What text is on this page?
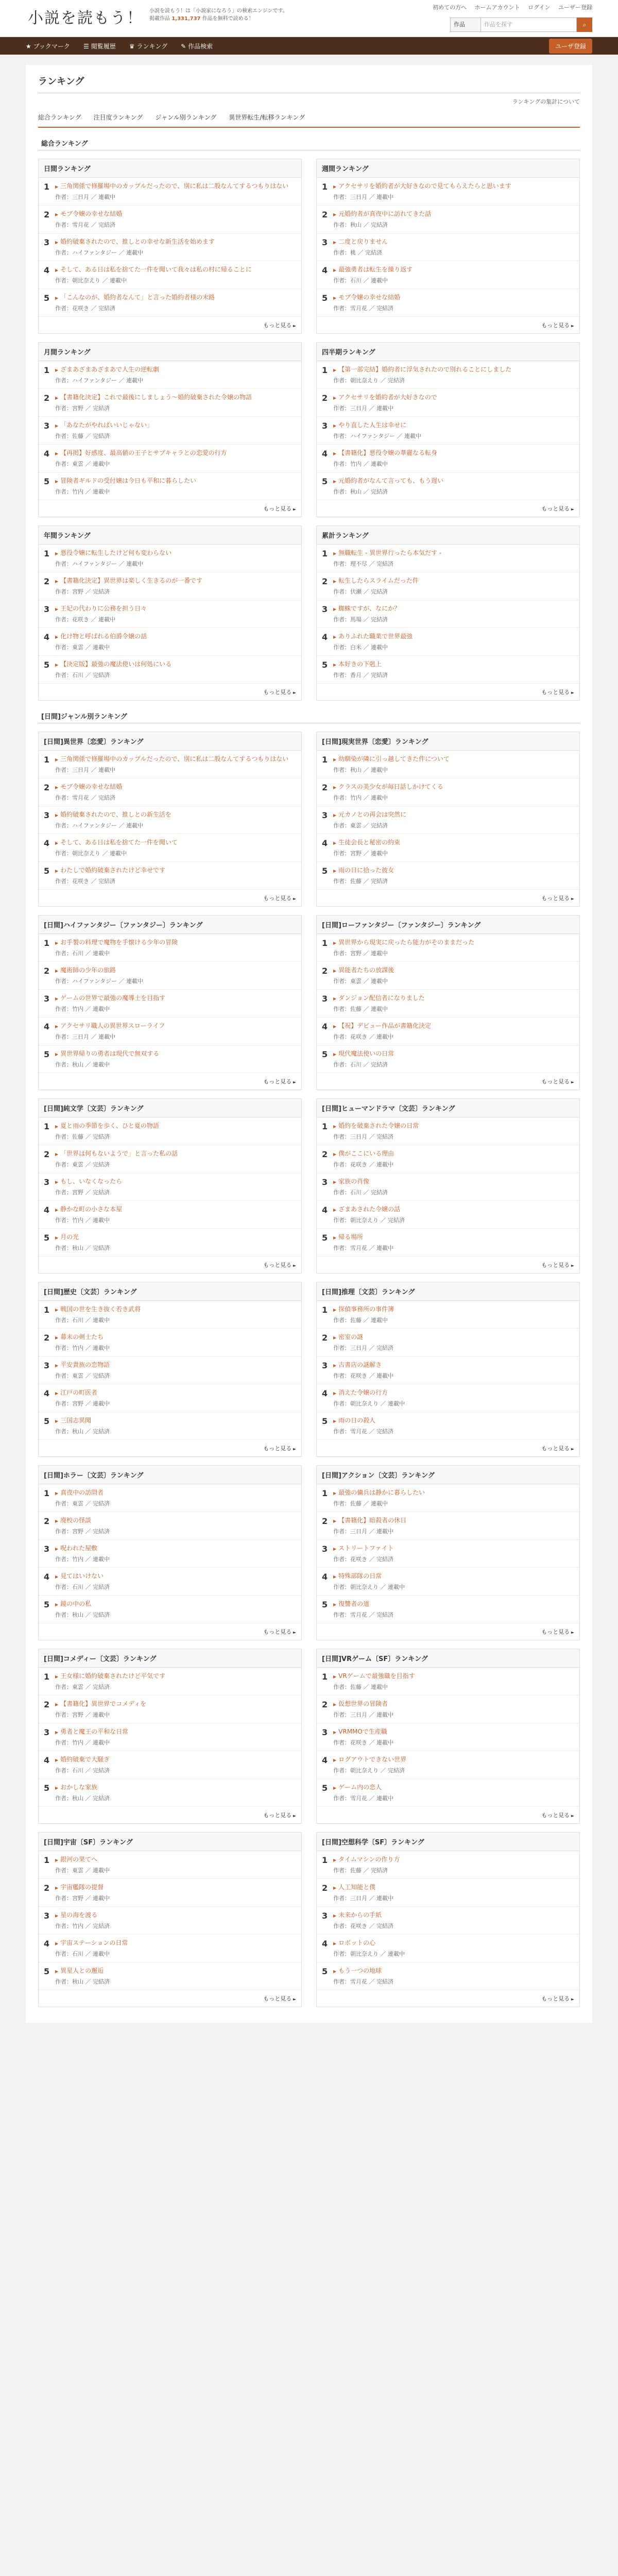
小説を読もう！ 小説を読もう！は「小説家になろう」の検索エンジンです。
掲載作品 1,331,737 作品を無料で読める！
初めての方へ ホームアカウント ログイン ユーザー登録
作品	作品を探す	⌕
★ ブックマーク ☰ 閲覧履歴 ♛ ランキング ✎ 作品検索	ユーザ登録
ランキング
ランキングの集計について
総合ランキング 注目度ランキング ジャンル別ランキング 異世界転生/転移ランキング
総合ランキング
日間ランキング
1	▶ 三角関係で修羅場中のカップルだったので、別に私は二股なんてするつもりはない
作者：三日月 ／ 連載中
2	▶ モブ令嬢の幸せな結婚
作者：雪月花 ／ 完結済
3	▶ 婚約破棄されたので、推しとの幸せな新生活を始めます
作者：ハイファンタジー ／ 連載中
4	▶ そして、ある日は私を捨てた一件を聞いて我々は私の村に帰ることに
作者：朝比奈えり ／ 連載中
5	▶ 「こんなのが、婚約者なんて」と言った婚約者様の末路
作者：花咲き ／ 完結済
もっと見る ►
週間ランキング
1	▶ アクセサリを婚約者が大好きなので見てもらえたらと思います
作者：三日月 ／ 連載中
2	▶ 元婚約者が真夜中に訪れてきた話
作者：秋山 ／ 完結済
3	▶ 二度と戻りません
作者：桃 ／ 完結済
4	▶ 最強勇者は転生を繰り返す
作者：石川 ／ 連載中
5	▶ モブ令嬢の幸せな結婚
作者：雪月花 ／ 完結済
もっと見る ►
月間ランキング
1	▶ ざまあざまあざまあで人生の逆転劇
作者：ハイファンタジー ／ 連載中
2	▶ 【書籍化決定】これで最後にしましょう～婚約破棄された令嬢の物語
作者：宮野 ／ 完結済
3	▶ 「あなたがやればいいじゃない」
作者：佐藤 ／ 完結済
4	▶ 【再掲】好感度、最高値の王子とサブキャラとの恋愛の行方
作者：東雲 ／ 連載中
5	▶ 冒険者ギルドの受付嬢は今日も平和に暮らしたい
作者：竹内 ／ 連載中
もっと見る ►
四半期ランキング
1	▶ 【第一部完結】婚約者に浮気されたので別れることにしました
作者：朝比奈えり ／ 完結済
2	▶ アクセサリを婚約者が大好きなので
作者：三日月 ／ 連載中
3	▶ やり直した人生は幸せに
作者：ハイファンタジー ／ 連載中
4	▶ 【書籍化】悪役令嬢の華麗なる転身
作者：竹内 ／ 連載中
5	▶ 元婚約者がなんて言っても、もう遅い
作者：秋山 ／ 完結済
もっと見る ►
年間ランキング
1	▶ 悪役令嬢に転生したけど何も変わらない
作者：ハイファンタジー ／ 連載中
2	▶ 【書籍化決定】異世界は楽しく生きるのが一番です
作者：宮野 ／ 完結済
3	▶ 王妃の代わりに公務を担う日々
作者：花咲き ／ 連載中
4	▶ 化け物と呼ばれる伯爵令嬢の話
作者：東雲 ／ 連載中
5	▶ 【決定版】最強の魔法使いは何処にいる
作者：石川 ／ 完結済
もっと見る ►
累計ランキング
1	▶ 無職転生 - 異世界行ったら本気だす -
作者：理不尽 ／ 完結済
2	▶ 転生したらスライムだった件
作者：伏瀬 ／ 完結済
3	▶ 蜘蛛ですが、なにか？
作者：馬場 ／ 完結済
4	▶ ありふれた職業で世界最強
作者：白米 ／ 連載中
5	▶ 本好きの下剋上
作者：香月 ／ 完結済
もっと見る ►
[日間]ジャンル別ランキング
[日間]異世界〔恋愛〕ランキング
1	▶ 三角関係で修羅場中のカップルだったので、別に私は二股なんてするつもりはない
作者：三日月 ／ 連載中
2	▶ モブ令嬢の幸せな結婚
作者：雪月花 ／ 完結済
3	▶ 婚約破棄されたので、推しとの新生活を
作者：ハイファンタジー ／ 連載中
4	▶ そして、ある日は私を捨てた一件を聞いて
作者：朝比奈えり ／ 連載中
5	▶ わたしで婚約破棄されたけど幸せです
作者：花咲き ／ 完結済
もっと見る ►
[日間]現実世界〔恋愛〕ランキング
1	▶ 幼馴染が隣に引っ越してきた件について
作者：秋山 ／ 連載中
2	▶ クラスの美少女が毎日話しかけてくる
作者：竹内 ／ 連載中
3	▶ 元カノとの再会は突然に
作者：東雲 ／ 完結済
4	▶ 生徒会長と秘密の約束
作者：宮野 ／ 連載中
5	▶ 雨の日に拾った彼女
作者：佐藤 ／ 完結済
もっと見る ►
[日間]ハイファンタジー〔ファンタジー〕ランキング
1	▶ お手製の料理で魔物を手懐ける少年の冒険
作者：石川 ／ 連載中
2	▶ 魔術師の少年の旅路
作者：ハイファンタジー ／ 連載中
3	▶ ゲームの世界で最強の魔導士を目指す
作者：竹内 ／ 連載中
4	▶ アクセサリ職人の異世界スローライフ
作者：三日月 ／ 連載中
5	▶ 異世界帰りの勇者は現代で無双する
作者：秋山 ／ 連載中
もっと見る ►
[日間]ローファンタジー〔ファンタジー〕ランキング
1	▶ 異世界から現実に戻ったら能力がそのままだった
作者：宮野 ／ 連載中
2	▶ 異能者たちの放課後
作者：東雲 ／ 連載中
3	▶ ダンジョン配信者になりました
作者：佐藤 ／ 連載中
4	▶ 【祝】デビュー作品が書籍化決定
作者：花咲き ／ 連載中
5	▶ 現代魔法使いの日常
作者：石川 ／ 完結済
もっと見る ►
[日間]純文学〔文芸〕ランキング
1	▶ 夏と雨の季節を歩く、ひと夏の物語
作者：佐藤 ／ 完結済
2	▶ 「世界は何もないようで」と言った私の話
作者：東雲 ／ 完結済
3	▶ もし、いなくなったら
作者：宮野 ／ 完結済
4	▶ 静かな町の小さな本屋
作者：竹内 ／ 連載中
5	▶ 月の光
作者：秋山 ／ 完結済
もっと見る ►
[日間]ヒューマンドラマ〔文芸〕ランキング
1	▶ 婚約を破棄された令嬢の日常
作者：三日月 ／ 完結済
2	▶ 僕がここにいる理由
作者：花咲き ／ 連載中
3	▶ 家族の肖像
作者：石川 ／ 完結済
4	▶ ざまあされた令嬢の話
作者：朝比奈えり ／ 完結済
5	▶ 帰る場所
作者：雪月花 ／ 連載中
もっと見る ►
[日間]歴史〔文芸〕ランキング
1	▶ 戦国の世を生き抜く若き武将
作者：石川 ／ 連載中
2	▶ 幕末の剣士たち
作者：竹内 ／ 連載中
3	▶ 平安貴族の恋物語
作者：東雲 ／ 完結済
4	▶ 江戸の町医者
作者：宮野 ／ 連載中
5	▶ 三国志異聞
作者：秋山 ／ 完結済
もっと見る ►
[日間]推理〔文芸〕ランキング
1	▶ 探偵事務所の事件簿
作者：佐藤 ／ 連載中
2	▶ 密室の謎
作者：三日月 ／ 完結済
3	▶ 古書店の謎解き
作者：花咲き ／ 連載中
4	▶ 消えた令嬢の行方
作者：朝比奈えり ／ 連載中
5	▶ 雨の日の殺人
作者：雪月花 ／ 完結済
もっと見る ►
[日間]ホラー〔文芸〕ランキング
1	▶ 真夜中の訪問者
作者：東雲 ／ 完結済
2	▶ 廃校の怪談
作者：宮野 ／ 完結済
3	▶ 呪われた屋敷
作者：竹内 ／ 連載中
4	▶ 見てはいけない
作者：石川 ／ 完結済
5	▶ 鏡の中の私
作者：秋山 ／ 完結済
もっと見る ►
[日間]アクション〔文芸〕ランキング
1	▶ 最強の傭兵は静かに暮らしたい
作者：佐藤 ／ 連載中
2	▶ 【書籍化】暗殺者の休日
作者：三日月 ／ 連載中
3	▶ ストリートファイト
作者：花咲き ／ 完結済
4	▶ 特殊部隊の日常
作者：朝比奈えり ／ 連載中
5	▶ 復讐者の道
作者：雪月花 ／ 完結済
もっと見る ►
[日間]コメディー〔文芸〕ランキング
1	▶ 王女様に婚約破棄されたけど平気です
作者：東雲 ／ 完結済
2	▶ 【書籍化】異世界でコメディを
作者：宮野 ／ 連載中
3	▶ 勇者と魔王の平和な日常
作者：竹内 ／ 連載中
4	▶ 婚約破棄で大騒ぎ
作者：石川 ／ 完結済
5	▶ おかしな家族
作者：秋山 ／ 完結済
もっと見る ►
[日間]VRゲーム〔SF〕ランキング
1	▶ VRゲームで最強職を目指す
作者：佐藤 ／ 連載中
2	▶ 仮想世界の冒険者
作者：三日月 ／ 連載中
3	▶ VRMMOで生産職
作者：花咲き ／ 連載中
4	▶ ログアウトできない世界
作者：朝比奈えり ／ 完結済
5	▶ ゲーム内の恋人
作者：雪月花 ／ 連載中
もっと見る ►
[日間]宇宙〔SF〕ランキング
1	▶ 銀河の果てへ
作者：東雲 ／ 連載中
2	▶ 宇宙艦隊の提督
作者：宮野 ／ 連載中
3	▶ 星の海を渡る
作者：竹内 ／ 完結済
4	▶ 宇宙ステーションの日常
作者：石川 ／ 連載中
5	▶ 異星人との邂逅
作者：秋山 ／ 完結済
もっと見る ►
[日間]空想科学〔SF〕ランキング
1	▶ タイムマシンの作り方
作者：佐藤 ／ 完結済
2	▶ 人工知能と僕
作者：三日月 ／ 連載中
3	▶ 未来からの手紙
作者：花咲き ／ 完結済
4	▶ ロボットの心
作者：朝比奈えり ／ 連載中
5	▶ もう一つの地球
作者：雪月花 ／ 完結済
もっと見る ►
